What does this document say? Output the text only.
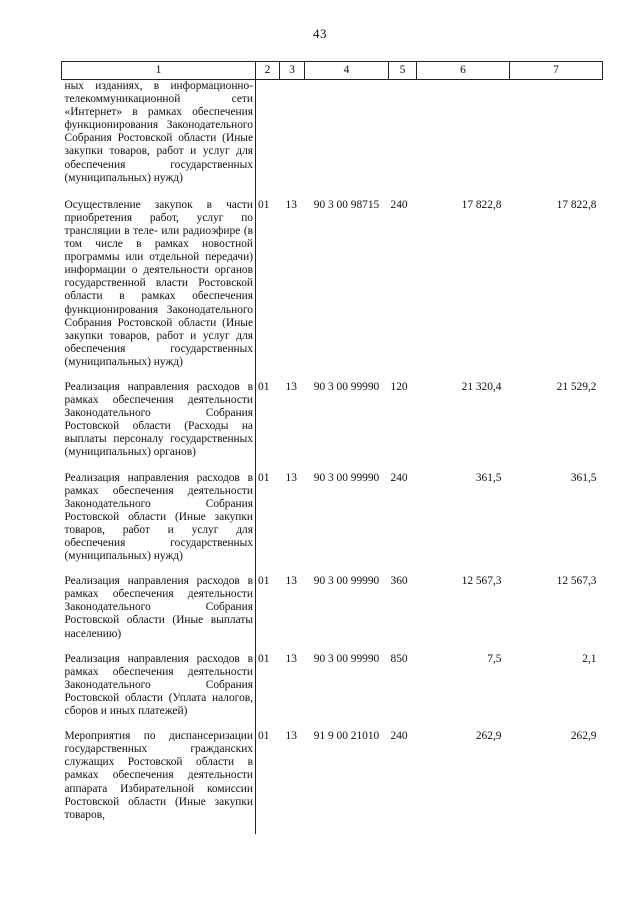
43
1	2	3	4	5	6	7
ных изданиях, в информационно-телекоммуникационной сети «Интернет» в рамках обеспечения функционирования Законодательного Собрания Ростовской области (Иные закупки товаров, работ и услуг для обеспечения государственных (муниципальных) нужд)						
Осуществление закупок в части приобретения работ, услуг по трансляции в теле- или радиоэфире (в том числе в рамках новостной программы или отдельной передачи) информации о деятельности органов государственной власти Ростовской области в рамках обеспечения функционирования Законодательного Собрания Ростовской области (Иные закупки товаров, работ и услуг для обеспечения государственных (муниципальных) нужд)	01	13	90 3 00 98715	240	17 822,8	17 822,8
Реализация направления расходов в рамках обеспечения деятельности Законодательного Собрания Ростовской области (Расходы на выплаты персоналу государственных (муниципальных) органов)	01	13	90 3 00 99990	120	21 320,4	21 529,2
Реализация направления расходов в рамках обеспечения деятельности Законодательного Собрания Ростовской области (Иные закупки товаров, работ и услуг для обеспечения государственных (муниципальных) нужд)	01	13	90 3 00 99990	240	361,5	361,5
Реализация направления расходов в рамках обеспечения деятельности Законодательного Собрания Ростовской области (Иные выплаты населению)	01	13	90 3 00 99990	360	12 567,3	12 567,3
Реализация направления расходов в рамках обеспечения деятельности Законодательного Собрания Ростовской области (Уплата налогов, сборов и иных платежей)	01	13	90 3 00 99990	850	7,5	2,1
Мероприятия по диспансеризации государственных гражданских служащих Ростовской области в рамках обеспечения деятельности аппарата Избирательной комиссии Ростовской области (Иные закупки товаров,	01	13	91 9 00 21010	240	262,9	262,9
